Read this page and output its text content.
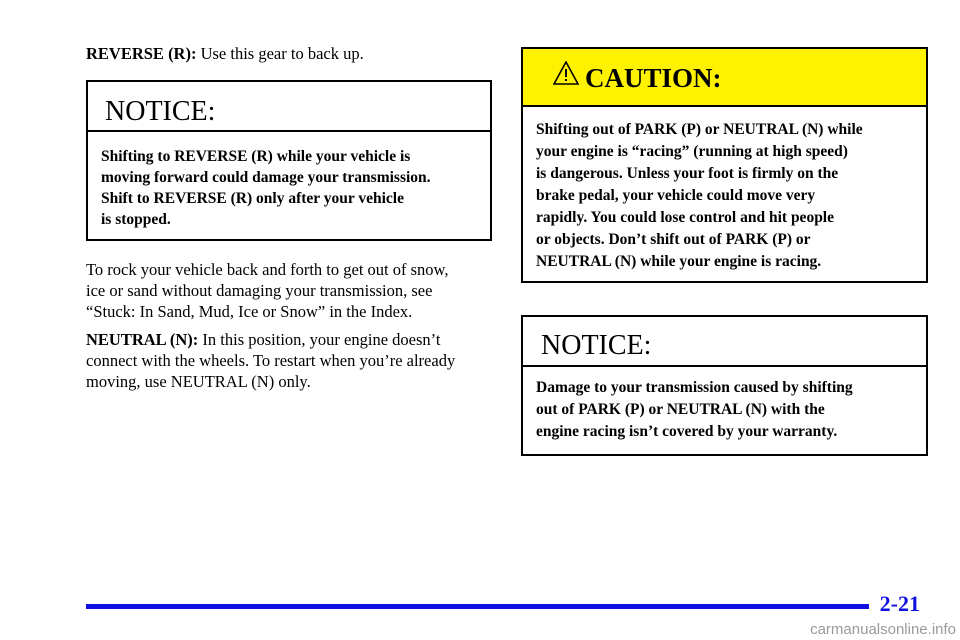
REVERSE (R): Use this gear to back up.
NOTICE:
Shifting to REVERSE (R) while your vehicle is
moving forward could damage your transmission.
Shift to REVERSE (R) only after your vehicle
is stopped.
To rock your vehicle back and forth to get out of snow,
ice or sand without damaging your transmission, see
“Stuck: In Sand, Mud, Ice or Snow” in the Index.
NEUTRAL (N): In this position, your engine doesn’t
connect with the wheels. To restart when you’re already
moving, use NEUTRAL (N) only.
CAUTION:
Shifting out of PARK (P) or NEUTRAL (N) while
your engine is “racing” (running at high speed)
is dangerous. Unless your foot is firmly on the
brake pedal, your vehicle could move very
rapidly. You could lose control and hit people
or objects. Don’t shift out of PARK (P) or
NEUTRAL (N) while your engine is racing.
NOTICE:
Damage to your transmission caused by shifting
out of PARK (P) or NEUTRAL (N) with the
engine racing isn’t covered by your warranty.
2-21
carmanualsonline.info
